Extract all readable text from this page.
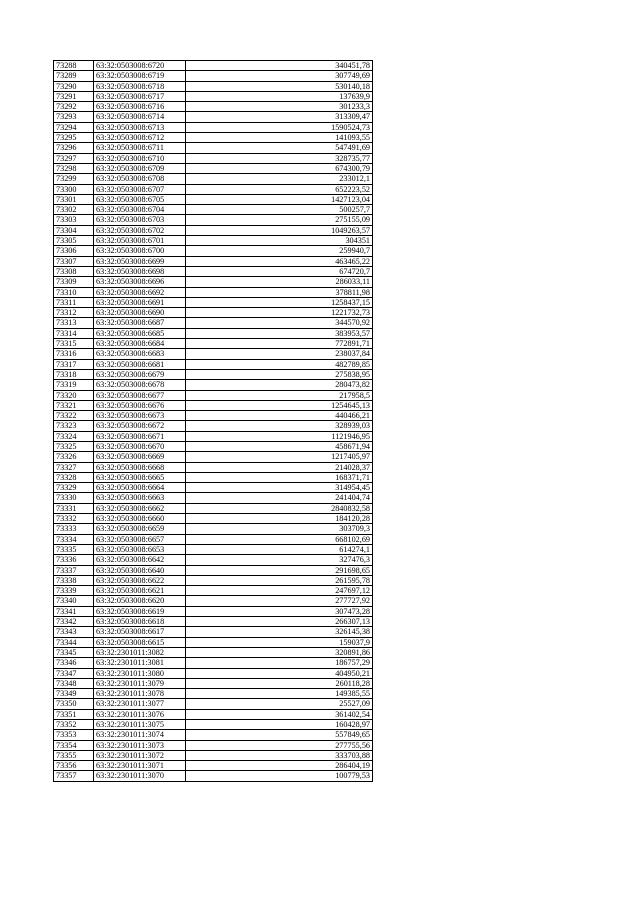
73288	63:32:0503008:6720	340451,78
73289	63:32:0503008:6719	307749,69
73290	63:32:0503008:6718	530140,18
73291	63:32:0503008:6717	137639,9
73292	63:32:0503008:6716	301233,3
73293	63:32:0503008:6714	313309,47
73294	63:32:0503008:6713	1590524,73
73295	63:32:0503008:6712	141093,55
73296	63:32:0503008:6711	547491,69
73297	63:32:0503008:6710	328735,77
73298	63:32:0503008:6709	674300,79
73299	63:32:0503008:6708	233012,1
73300	63:32:0503008:6707	652223,52
73301	63:32:0503008:6705	1427123,04
73302	63:32:0503008:6704	500257,7
73303	63:32:0503008:6703	275155,09
73304	63:32:0503008:6702	1049263,57
73305	63:32:0503008:6701	304351
73306	63:32:0503008:6700	259940,7
73307	63:32:0503008:6699	463465,22
73308	63:32:0503008:6698	674720,7
73309	63:32:0503008:6696	286033,11
73310	63:32:0503008:6692	378811,98
73311	63:32:0503008:6691	1258437,15
73312	63:32:0503008:6690	1221732,73
73313	63:32:0503008:6687	344570,92
73314	63:32:0503008:6685	383953,57
73315	63:32:0503008:6684	772891,71
73316	63:32:0503008:6683	238037,84
73317	63:32:0503008:6681	482789,85
73318	63:32:0503008:6679	275838,95
73319	63:32:0503008:6678	280473,82
73320	63:32:0503008:6677	217958,5
73321	63:32:0503008:6676	1254645,13
73322	63:32:0503008:6673	440466,21
73323	63:32:0503008:6672	328939,03
73324	63:32:0503008:6671	1121946,95
73325	63:32:0503008:6670	458671,94
73326	63:32:0503008:6669	1217405,97
73327	63:32:0503008:6668	214028,37
73328	63:32:0503008:6665	168371,71
73329	63:32:0503008:6664	314954,45
73330	63:32:0503008:6663	241404,74
73331	63:32:0503008:6662	2840832,58
73332	63:32:0503008:6660	184120,28
73333	63:32:0503008:6659	303709,3
73334	63:32:0503008:6657	668102,69
73335	63:32:0503008:6653	614274,1
73336	63:32:0503008:6642	327476,3
73337	63:32:0503008:6640	291698,65
73338	63:32:0503008:6622	261595,78
73339	63:32:0503008:6621	247697,12
73340	63:32:0503008:6620	277727,92
73341	63:32:0503008:6619	307473,28
73342	63:32:0503008:6618	266307,13
73343	63:32:0503008:6617	326145,38
73344	63:32:0503008:6615	159037,9
73345	63:32:2301011:3082	320891,86
73346	63:32:2301011:3081	186757,29
73347	63:32:2301011:3080	404950,21
73348	63:32:2301011:3079	260118,28
73349	63:32:2301011:3078	149385,55
73350	63:32:2301011:3077	25527,09
73351	63:32:2301011:3076	361402,54
73352	63:32:2301011:3075	160428,97
73353	63:32:2301011:3074	557849,65
73354	63:32:2301011:3073	277755,56
73355	63:32:2301011:3072	333703,88
73356	63:32:2301011:3071	286404,19
73357	63:32:2301011:3070	100779,53
